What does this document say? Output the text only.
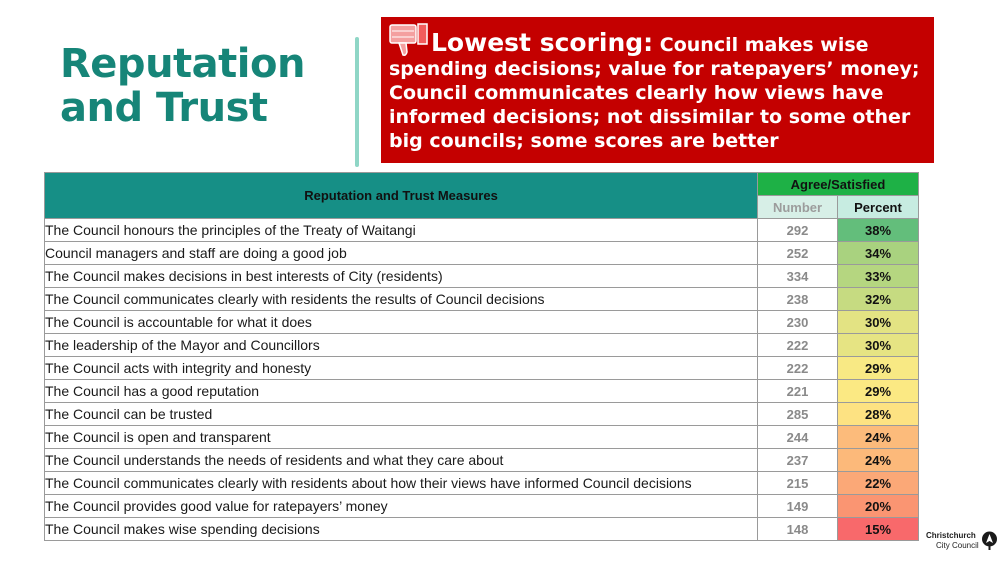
Reputation
and Trust
Lowest scoring: Council makes wise spending decisions; value for ratepayers’ money; Council communicates clearly how views have informed decisions; not dissimilar to some other big councils; some scores are better
Reputation and Trust Measures	Agree/Satisfied	
	Number	Percent
The Council honours the principles of the Treaty of Waitangi	292	38%
Council managers and staff are doing a good job	252	34%
The Council makes decisions in best interests of City (residents)	334	33%
The Council communicates clearly with residents the results of Council decisions	238	32%
The Council is accountable for what it does	230	30%
The leadership of the Mayor and Councillors	222	30%
The Council acts with integrity and honesty	222	29%
The Council has a good reputation	221	29%
The Council can be trusted	285	28%
The Council is open and transparent	244	24%
The Council understands the needs of residents and what they care about	237	24%
The Council communicates clearly with residents about how their views have informed Council decisions	215	22%
The Council provides good value for ratepayers’ money	149	20%
The Council makes wise spending decisions	148	15%	Christchurch
City Council
